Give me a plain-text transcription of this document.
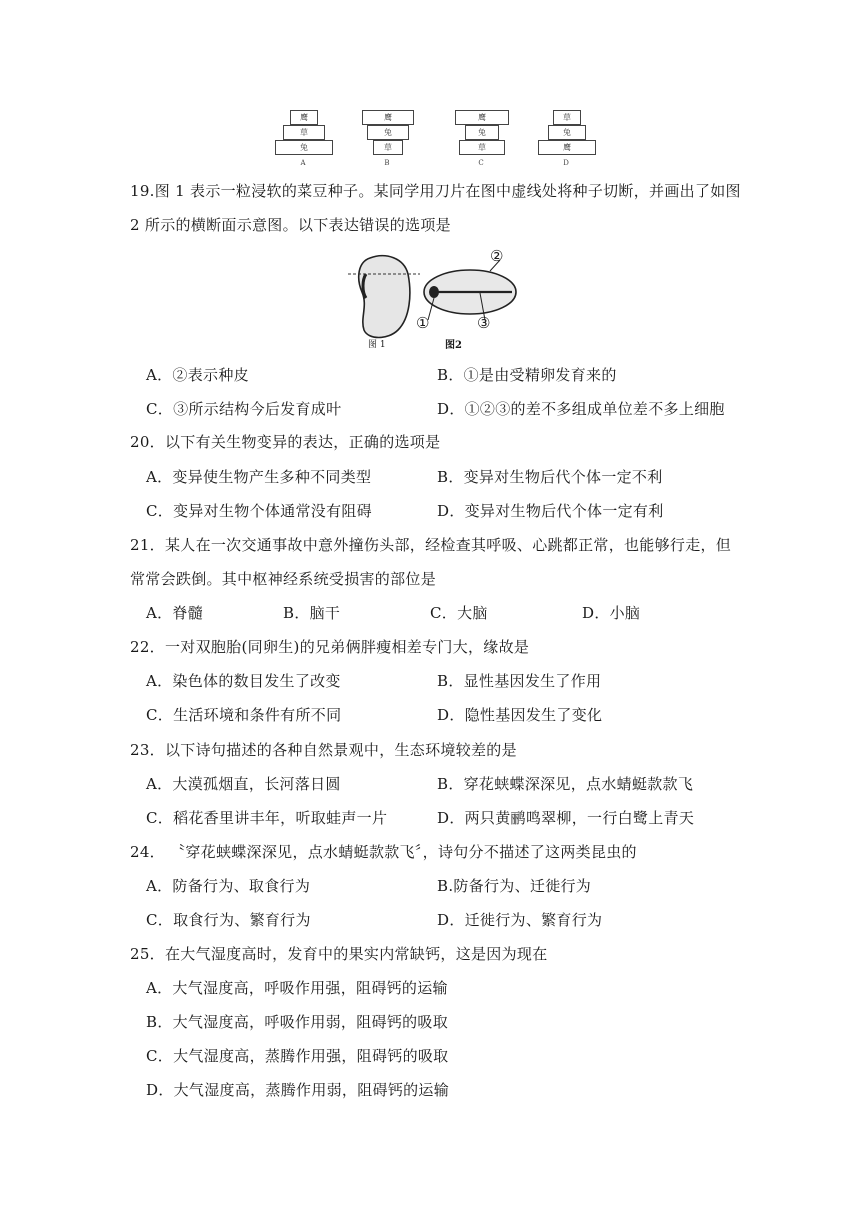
鹰
草
兔
A
鹰
兔
草
B
鹰
兔
草
C
草
兔
鹰
D
19.图 1 表示一粒浸软的菜豆种子。某同学用刀片在图中虚线处将种子切断，并画出了如图
2 所示的横断面示意图。以下表达错误的选项是
②
①	③
图 1	图2
A．②表示种皮	B．①是由受精卵发育来的
C．③所示结构今后发育成叶	D．①②③的差不多组成单位差不多上细胞
20．以下有关生物变异的表达，正确的选项是
A．变异使生物产生多种不同类型	B．变异对生物后代个体一定不利
C．变异对生物个体通常没有阻碍	D．变异对生物后代个体一定有利
21．某人在一次交通事故中意外撞伤头部，经检查其呼吸、心跳都正常，也能够行走，但
常常会跌倒。其中枢神经系统受损害的部位是
A．脊髓	B．脑干	C．大脑	D．小脑
22．一对双胞胎(同卵生)的兄弟俩胖瘦相差专门大，缘故是
A．染色体的数目发生了改变	B．显性基因发生了作用
C．生活环境和条件有所不同	D．隐性基因发生了变化
23．以下诗句描述的各种自然景观中，生态环境较差的是
A．大漠孤烟直，长河落日圆	B．穿花蛱蝶深深见，点水蜻蜓款款飞
C．稻花香里讲丰年，听取蛙声一片	D．两只黄鹂鸣翠柳，一行白鹭上青天
24． 〝穿花蛱蝶深深见，点水蜻蜓款款飞〞，诗句分不描述了这两类昆虫的
A．防备行为、取食行为	B.防备行为、迁徙行为
C．取食行为、繁育行为	D．迁徙行为、繁育行为
25．在大气湿度高时，发育中的果实内常缺钙，这是因为现在
A．大气湿度高，呼吸作用强，阻碍钙的运输
B．大气湿度高，呼吸作用弱，阻碍钙的吸取
C．大气湿度高，蒸腾作用强，阻碍钙的吸取
D．大气湿度高，蒸腾作用弱，阻碍钙的运输
